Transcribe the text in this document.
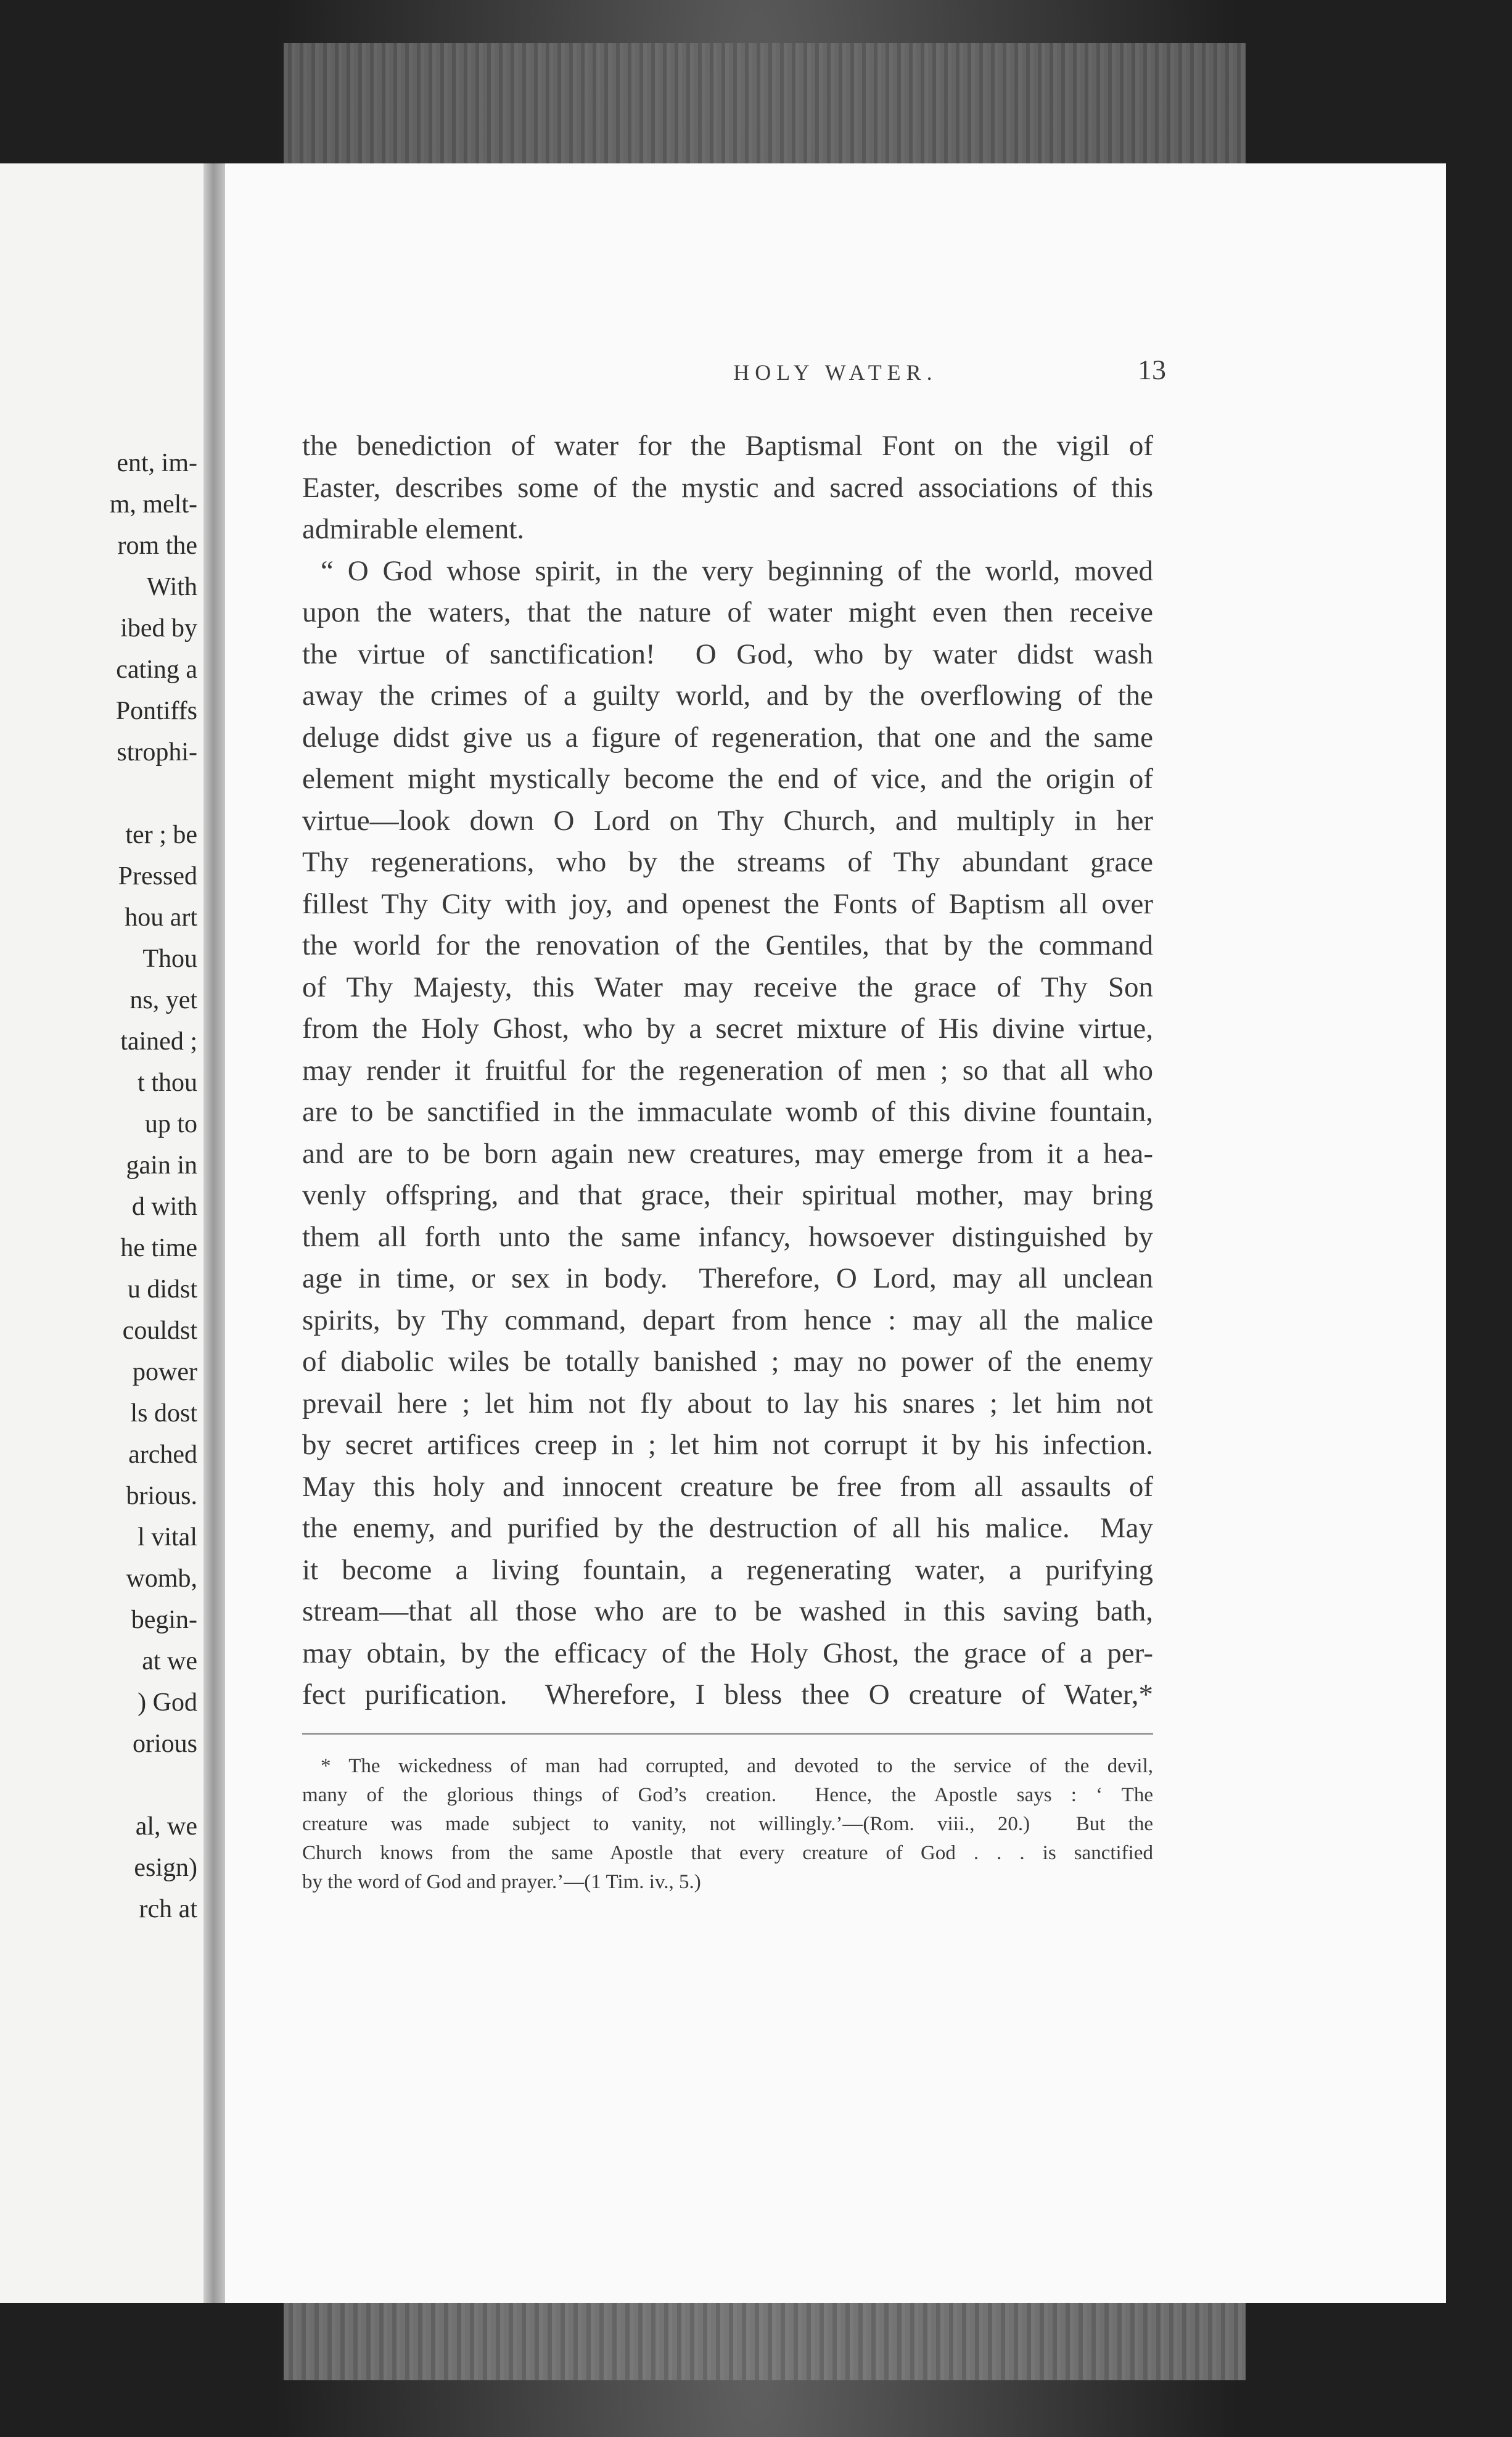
ent, im-
m, melt-
rom the
With
ibed by
cating a
Pontiffs
strophi-
ter ; be
Pressed
hou art
Thou
ns, yet
tained ;
t thou
up to
gain in
d with
he time
u didst
couldst
power
ls dost
arched
brious.
l vital
womb,
begin-
at we
) God
orious
al, we
esign)
rch at
HOLY WATER.	13
the benediction of water for the Baptismal Font on the vigil of
Easter, describes some of the mystic and sacred associations of this
admirable element.
“ O God whose spirit, in the very beginning of the world, moved
upon the waters, that the nature of water might even then receive
the virtue of sanctification!  O God, who by water didst wash
away the crimes of a guilty world, and by the overflowing of the
deluge didst give us a figure of regeneration, that one and the same
element might mystically become the end of vice, and the origin of
virtue—look down O Lord on Thy Church, and multiply in her
Thy regenerations, who by the streams of Thy abundant grace
fillest Thy City with joy, and openest the Fonts of Baptism all over
the world for the renovation of the Gentiles, that by the command
of Thy Majesty, this Water may receive the grace of Thy Son
from the Holy Ghost, who by a secret mixture of His divine virtue,
may render it fruitful for the regeneration of men ; so that all who
are to be sanctified in the immaculate womb of this divine fountain,
and are to be born again new creatures, may emerge from it a hea-
venly offspring, and that grace, their spiritual mother, may bring
them all forth unto the same infancy, howsoever distinguished by
age in time, or sex in body.  Therefore, O Lord, may all unclean
spirits, by Thy command, depart from hence : may all the malice
of diabolic wiles be totally banished ; may no power of the enemy
prevail here ; let him not fly about to lay his snares ; let him not
by secret artifices creep in ; let him not corrupt it by his infection.
May this holy and innocent creature be free from all assaults of
the enemy, and purified by the destruction of all his malice.  May
it become a living fountain, a regenerating water, a purifying
stream—that all those who are to be washed in this saving bath,
may obtain, by the efficacy of the Holy Ghost, the grace of a per-
fect purification.  Wherefore, I bless thee O creature of Water,*
* The wickedness of man had corrupted, and devoted to the service of the devil,
many of the glorious things of God’s creation.  Hence, the Apostle says : ‘ The
creature was made subject to vanity, not willingly.’—(Rom. viii., 20.)  But the
Church knows from the same Apostle that every creature of God . . . is sanctified
by the word of God and prayer.’—(1 Tim. iv., 5.)
